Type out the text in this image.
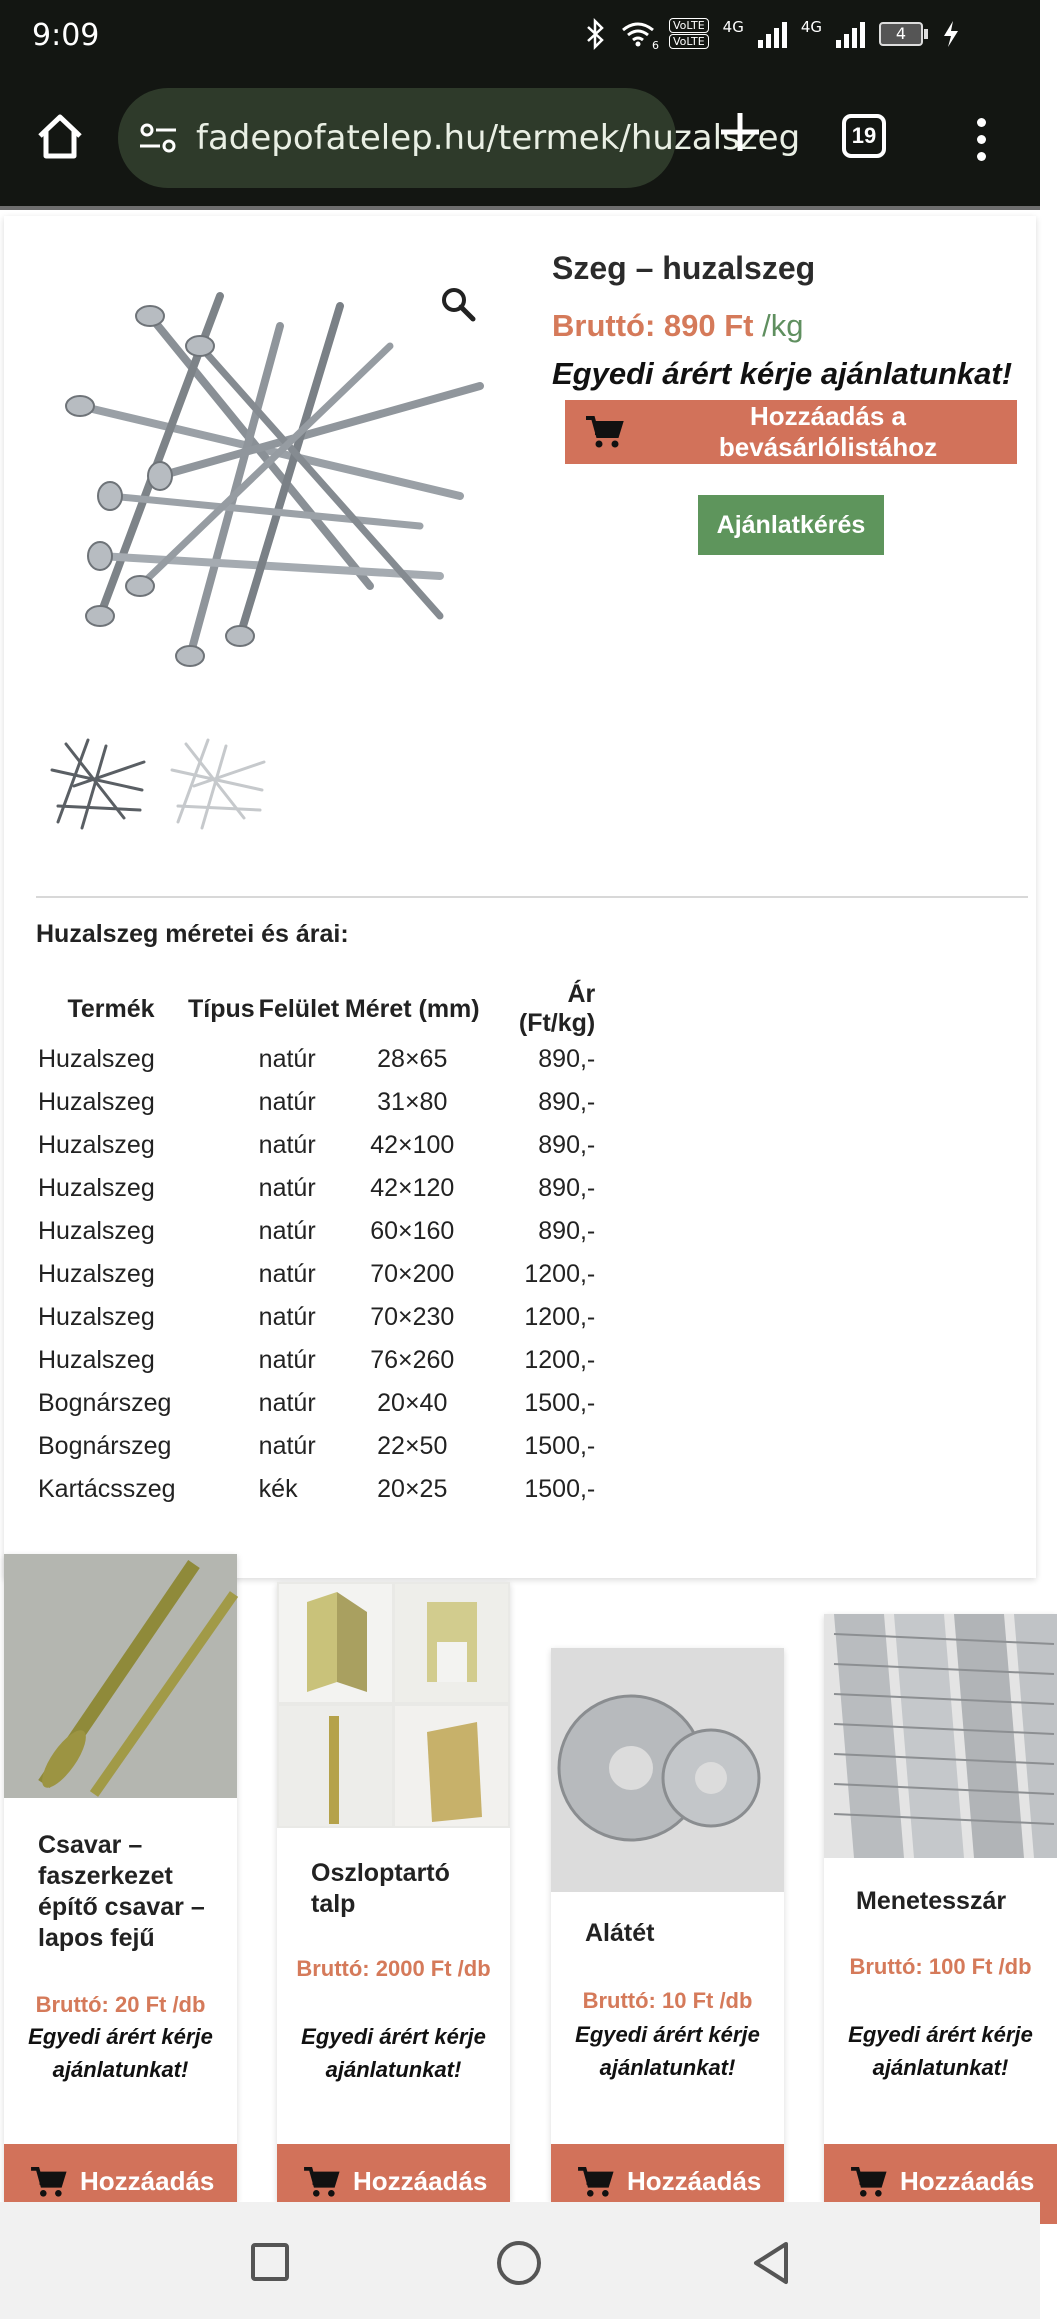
9:09	6
VoLTE
VoLTE
4G	4G	4
fadepofatelep.hu/termek/huzalszeg	19
Szeg – huzalszeg
Bruttó: 890 Ft /kg
Egyedi árért kérje ajánlatunkat!
Hozzáadás a bevásárlólistához
Ajánlatkérés
Huzalszeg méretei és árai:
Termék	Típus	Felület	Méret (mm)	Ár (Ft/kg)
Huzalszeg		natúr	28×65	890,-
Huzalszeg		natúr	31×80	890,-
Huzalszeg		natúr	42×100	890,-
Huzalszeg		natúr	42×120	890,-
Huzalszeg		natúr	60×160	890,-
Huzalszeg		natúr	70×200	1200,-
Huzalszeg		natúr	70×230	1200,-
Huzalszeg		natúr	76×260	1200,-
Bognárszeg		natúr	20×40	1500,-
Bognárszeg		natúr	22×50	1500,-
Kartácsszeg		kék	20×25	1500,-
Csavar – faszerkezet építő csavar – lapos fejű
Bruttó: 20 Ft /db
Egyedi árért kérje ajánlatunkat!
Hozzáadás
Oszloptartó talp
Bruttó: 2000 Ft /db
Egyedi árért kérje ajánlatunkat!
Hozzáadás
Alátét
Bruttó: 10 Ft /db
Egyedi árért kérje ajánlatunkat!
Hozzáadás
Menetesszár
Bruttó: 100 Ft /db
Egyedi árért kérje ajánlatunkat!
Hozzáadás
